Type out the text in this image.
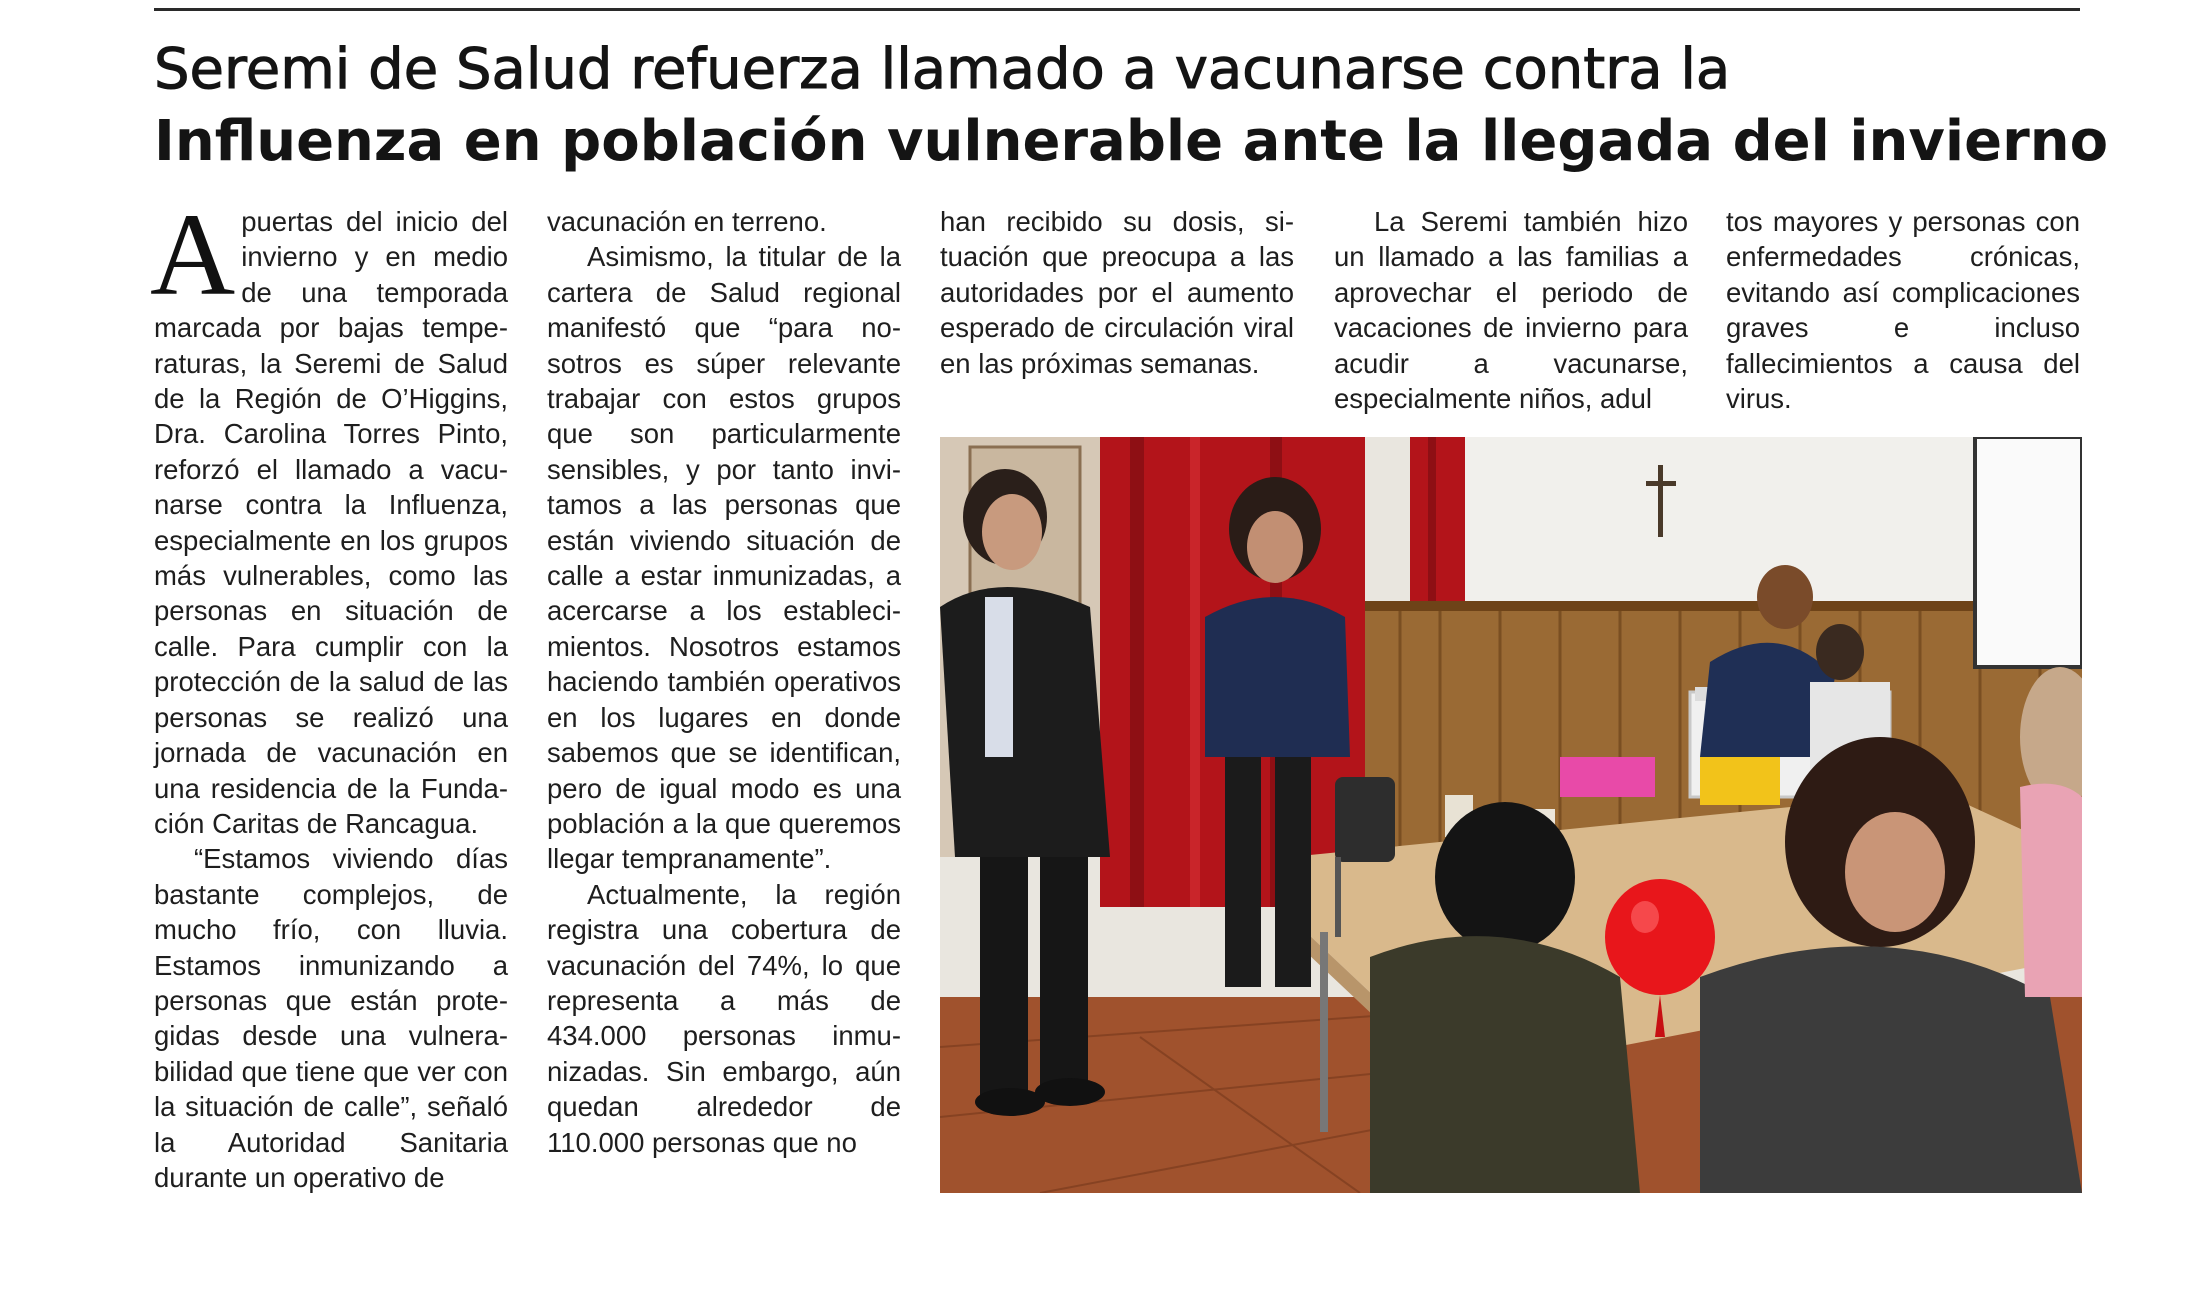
Seremi de Salud refuerza llamado a vacunarse contra la
Influenza en población vulnerable ante la llegada del invierno

Apuertas del inicio del invierno y en medio de una temporada marcada por bajas temperaturas, la Seremi de Salud de la Región de O’Higgins, Dra. Carolina Torres Pinto, reforzó el llamado a vacunarse contra la Influenza, especialmente en los grupos más vulnerables, como las personas en situación de calle. Para cumplir con la protección de la salud de las personas se realizó una jornada de vacunación en una residencia de la Fundación Caritas de Rancagua.

“Estamos viviendo días bastante complejos, de mucho frío, con lluvia. Estamos inmunizando a personas que están protegidas desde una vulnerabilidad que tiene que ver con la situación de calle”, señaló la Autoridad Sanitaria durante un operativo de

vacunación en terreno.

Asimismo, la titular de la cartera de Salud regional manifestó que “para nosotros es súper relevante trabajar con estos grupos que son particularmente sensibles, y por tanto invitamos a las personas que están viviendo situación de calle a estar inmunizadas, a acercarse a los establecimientos. Nosotros estamos haciendo también operativos en los lugares en donde sabemos que se identifican, pero de igual modo es una población a la que queremos llegar tempranamente”.

Actualmente, la región registra una cobertura de vacunación del 74%, lo que representa a más de 434.000 personas inmunizadas. Sin embargo, aún quedan alrededor de 110.000 personas que no

han recibido su dosis, situación que preocupa a las autoridades por el aumento esperado de circulación viral en las próximas semanas.

La Seremi también hizo un llamado a las familias a aprovechar el periodo de vacaciones de invierno para acudir a vacunarse, especialmente niños, adul

tos mayores y personas con enfermedades crónicas, evitando así complicaciones graves e incluso fallecimientos a causa del virus.
